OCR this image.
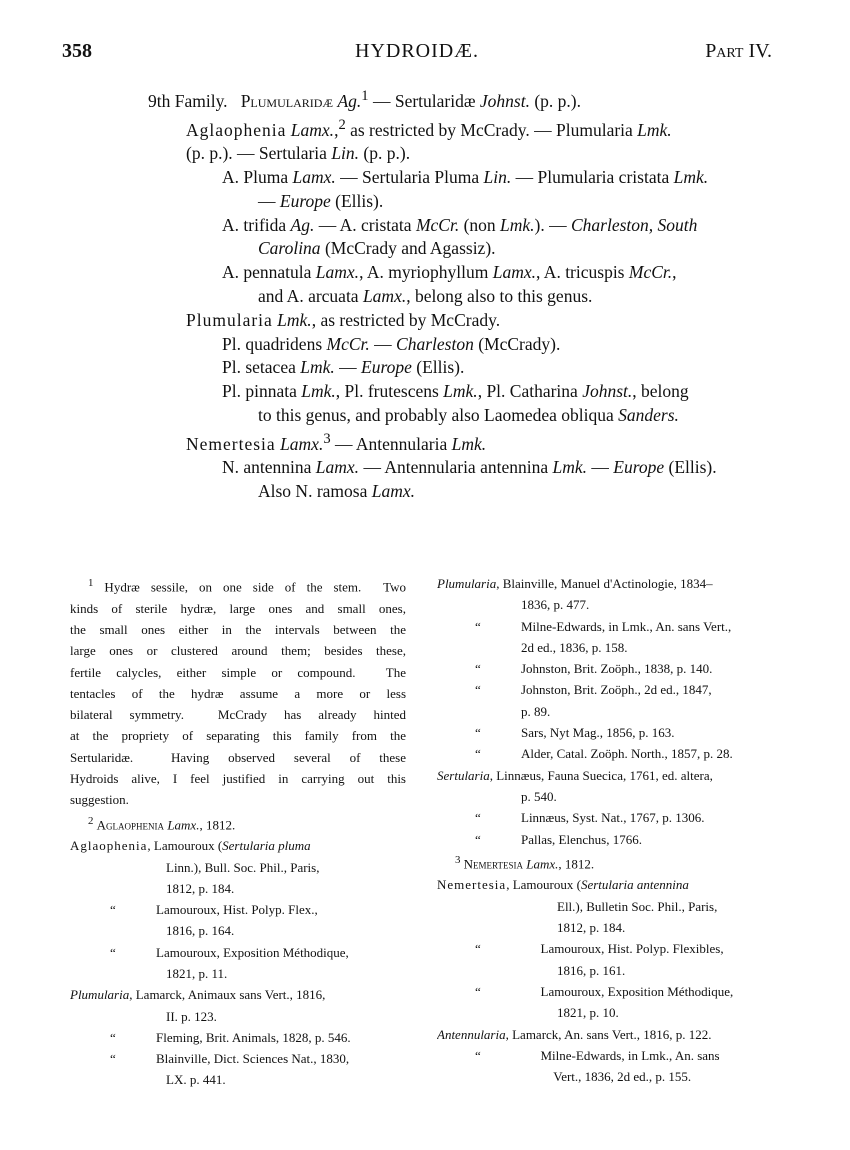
358	HYDROIDÆ.	Part IV.
9th Family.   Plumularidæ Ag.$^1$ — Sertularidæ Johnst. (p. p.).
Aglaophenia Lamx.,$^2$ as restricted by McCrady. — Plumularia Lmk.
(p. p.). — Sertularia Lin. (p. p.).
A. Pluma Lamx. — Sertularia Pluma Lin. — Plumularia cristata Lmk.
— Europe (Ellis).
A. trifida Ag. — A. cristata McCr. (non Lmk.). — Charleston, South
Carolina (McCrady and Agassiz).
A. pennatula Lamx., A. myriophyllum Lamx., A. tricuspis McCr.,
and A. arcuata Lamx., belong also to this genus.
Plumularia Lmk., as restricted by McCrady.
Pl. quadridens McCr. — Charleston (McCrady).
Pl. setacea Lmk. — Europe (Ellis).
Pl. pinnata Lmk., Pl. frutescens Lmk., Pl. Catharina Johnst., belong
to this genus, and probably also Laomedea obliqua Sanders.
Nemertesia Lamx.$^3$ — Antennularia Lmk.
N. antennina Lamx. — Antennularia antennina Lmk. — Europe (Ellis).
Also N. ramosa Lamx.
$^1$ Hydræ sessile, on one side of the stem.  Two
kinds of sterile hydræ, large ones and small ones,
the small ones either in the intervals between the
large ones or clustered around them; besides these,
fertile calycles, either simple or compound.  The
tentacles of the hydræ assume a more or less
bilateral symmetry.  McCrady has already hinted
at the propriety of separating this family from the
Sertularidæ.  Having observed several of these
Hydroids alive, I feel justified in carrying out this
suggestion.
$^2$ Aglaophenia Lamx., 1812.
Aglaophenia, Lamouroux (Sertularia pluma
Linn.), Bull. Soc. Phil., Paris,
1812, p. 184.
“	Lamouroux, Hist. Polyp. Flex.,
1816, p. 164.
“	Lamouroux, Exposition Méthodique,
1821, p. 11.
Plumularia, Lamarck, Animaux sans Vert., 1816,
II. p. 123.
“	Fleming, Brit. Animals, 1828, p. 546.
“	Blainville, Dict. Sciences Nat., 1830,
LX. p. 441.
Plumularia, Blainville, Manuel d'Actinologie, 1834–
1836, p. 477.
“	Milne-Edwards, in Lmk., An. sans Vert.,
2d ed., 1836, p. 158.
“	Johnston, Brit. Zoöph., 1838, p. 140.
“	Johnston, Brit. Zoöph., 2d ed., 1847,
p. 89.
“	Sars, Nyt Mag., 1856, p. 163.
“	Alder, Catal. Zoöph. North., 1857, p. 28.
Sertularia, Linnæus, Fauna Suecica, 1761, ed. altera,
p. 540.
“	Linnæus, Syst. Nat., 1767, p. 1306.
“	Pallas, Elenchus, 1766.
$^3$ Nemertesia Lamx., 1812.
Nemertesia, Lamouroux (Sertularia antennina
Ell.), Bulletin Soc. Phil., Paris,
1812, p. 184.
“	Lamouroux, Hist. Polyp. Flexibles,
1816, p. 161.
“	Lamouroux, Exposition Méthodique,
1821, p. 10.
Antennularia, Lamarck, An. sans Vert., 1816, p. 122.
“	Milne-Edwards, in Lmk., An. sans
Vert., 1836, 2d ed., p. 155.
